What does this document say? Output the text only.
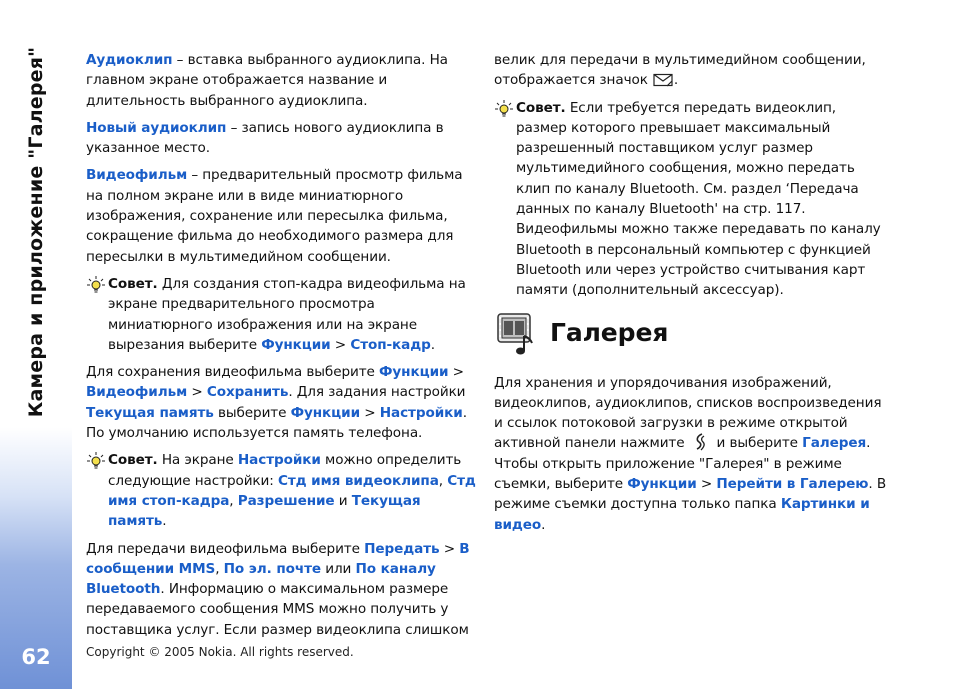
Камера и приложение "Галерея"
62

Аудиоклип – вставка выбранного аудиоклипа. На главном экране отображается название и длительность выбранного аудиоклипа.

Новый аудиоклип – запись нового аудиоклипа в указанное место.

Видеофильм – предварительный просмотр фильма на полном экране или в виде миниатюрного изображения, сохранение или пересылка фильма, сокращение фильма до необходимого размера для пересылки в мультимедийном сообщении.

Совет. Для создания стоп-кадра видеофильма на экране предварительного просмотра миниатюрного изображения или на экране вырезания выберите Функции > Стоп-кадр.

Для сохранения видеофильма выберите Функции > Видеофильм > Сохранить. Для задания настройки Текущая память выберите Функции > Настройки. По умолчанию используется память телефона.

Совет. На экране Настройки можно определить следующие настройки: Стд имя видеоклипа, Стд имя стоп-кадра, Разрешение и Текущая память.

Для передачи видеофильма выберите Передать > В сообщении MMS, По эл. почте или По каналу Bluetooth. Информацию о максимальном размере передаваемого сообщения MMS можно получить у поставщика услуг. Если размер видеоклипа слишком

велик для передачи в мультимедийном сообщении, отображается значок .

Совет. Если требуется передать видеоклип, размер которого превышает максимальный разрешенный поставщиком услуг размер мультимедийного сообщения, можно передать клип по каналу Bluetooth. См. раздел ‘Передача данных по каналу Bluetooth' на стр. 117. Видеофильмы можно также передавать по каналу Bluetooth в персональный компьютер с функцией Bluetooth или через устройство считывания карт памяти (дополнительный аксессуар).
Галерея

Для хранения и упорядочивания изображений, видеоклипов, аудиоклипов, списков воспроизведения и ссылок потоковой загрузки в режиме открытой активной панели нажмите и выберите Галерея. Чтобы открыть приложение "Галерея" в режиме съемки, выберите Функции > Перейти в Галерею. В режиме съемки доступна только папка Картинки и видео.

Copyright © 2005 Nokia. All rights reserved.
